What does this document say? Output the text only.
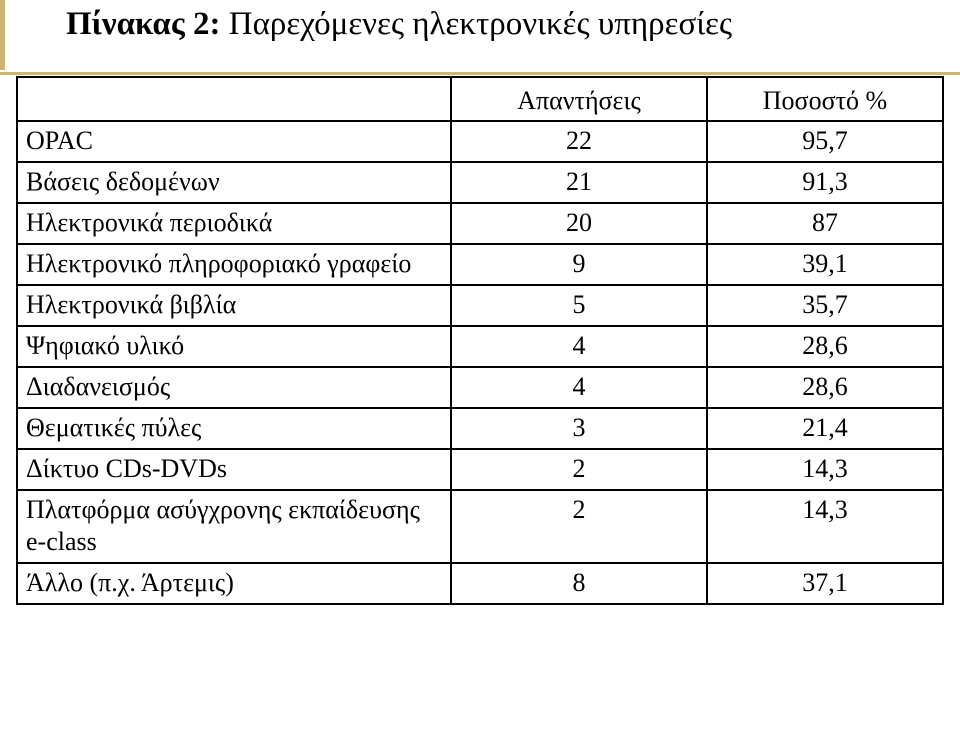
Πίνακας 2: Παρεχόμενες ηλεκτρονικές υπηρεσίες
	Απαντήσεις	Ποσοστό %
OPAC	22	95,7
Βάσεις δεδομένων	21	91,3
Ηλεκτρονικά περιοδικά	20	87
Ηλεκτρονικό πληροφοριακό γραφείο	9	39,1
Ηλεκτρονικά βιβλία	5	35,7
Ψηφιακό υλικό	4	28,6
Διαδανεισμός	4	28,6
Θεματικές πύλες	3	21,4
Δίκτυο CDs-DVDs	2	14,3
Πλατφόρμα ασύγχρονης εκπαίδευσης e-class	2	14,3
Άλλο (π.χ. Άρτεμις)	8	37,1
